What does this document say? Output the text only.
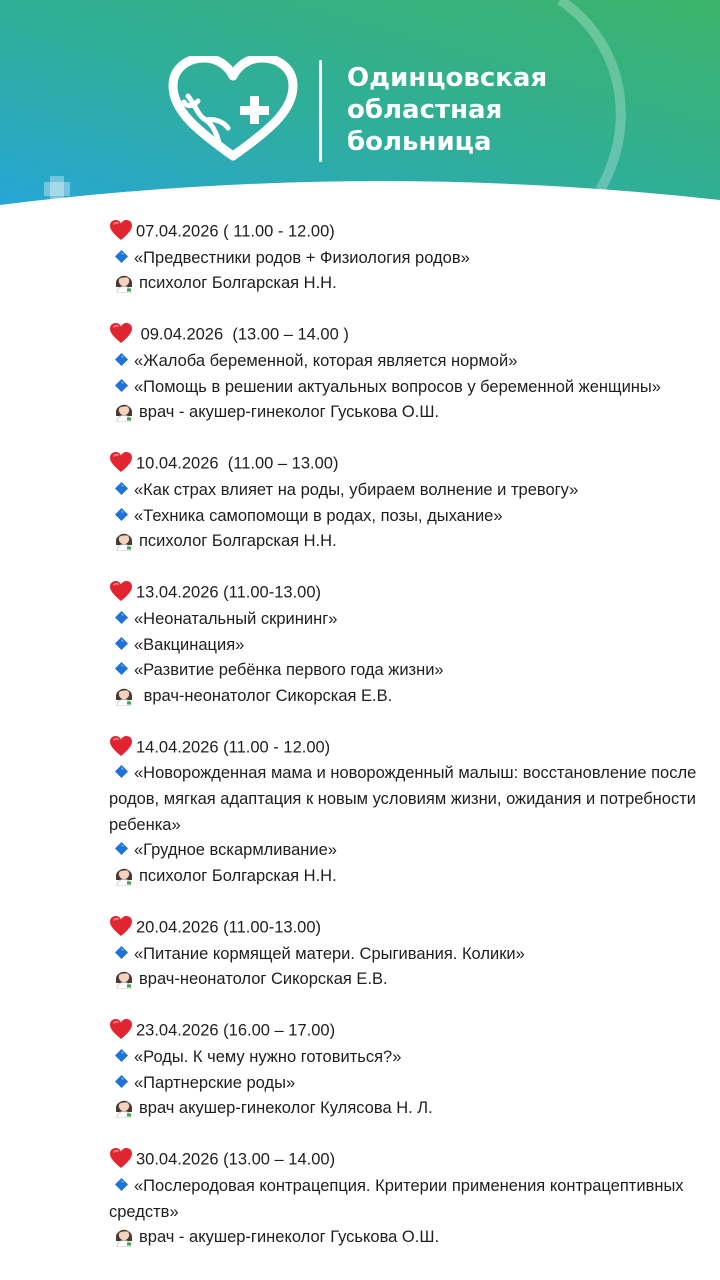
Одинцовская
областная
больница
07.04.2026 ( 11.00 - 12.00)
«Предвестники родов + Физиология родов»
психолог Болгарская Н.Н.
09.04.2026  (13.00 – 14.00 )
«Жалоба беременной, которая является нормой»
«Помощь в решении актуальных вопросов у беременной женщины»
врач - акушер-гинеколог Гуськова О.Ш.
10.04.2026  (11.00 – 13.00)
«Как страх влияет на роды, убираем волнение и тревогу»
«Техника самопомощи в родах, позы, дыхание»
психолог Болгарская Н.Н.
13.04.2026 (11.00-13.00)
«Неонатальный скрининг»
«Вакцинация»
«Развитие ребёнка первого года жизни»
врач-неонатолог Сикорская Е.В.
14.04.2026 (11.00 - 12.00)
«Новорожденная мама и новорожденный малыш: восстановление после родов, мягкая адаптация к новым условиям жизни, ожидания и потребности ребенка»
«Грудное вскармливание»
психолог Болгарская Н.Н.
20.04.2026 (11.00-13.00)
«Питание кормящей матери. Срыгивания. Колики»
врач-неонатолог Сикорская Е.В.
23.04.2026 (16.00 – 17.00)
«Роды. К чему нужно готовиться?»
«Партнерские роды»
врач акушер-гинеколог Кулясова Н. Л.
30.04.2026 (13.00 – 14.00)
«Послеродовая контрацепция. Критерии применения контрацептивных средств»
врач - акушер-гинеколог Гуськова О.Ш.
